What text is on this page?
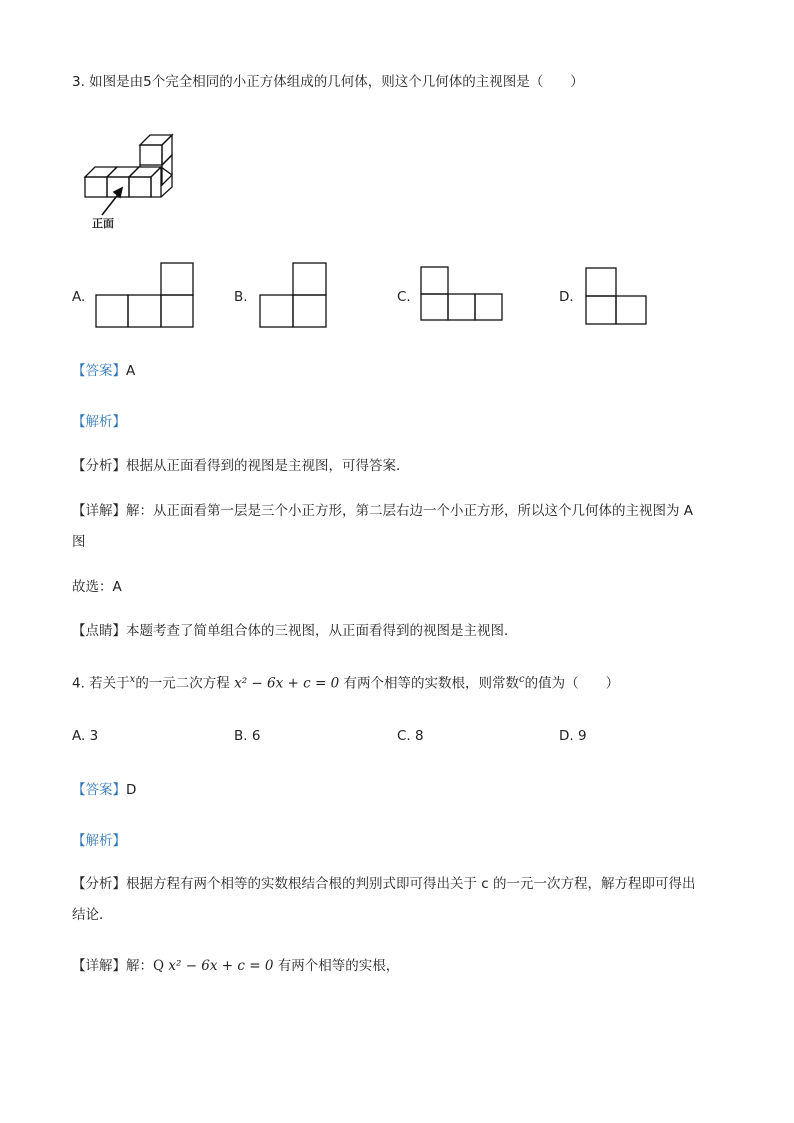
3. 如图是由5个完全相同的小正方体组成的几何体，则这个几何体的主视图是（　　）
正面
A.	B.	C.	D.
【答案】A
【解析】
【分析】根据从正面看得到的视图是主视图，可得答案．
【详解】解：从正面看第一层是三个小正方形，第二层右边一个小正方形，所以这个几何体的主视图为 A
图
故选：A
【点睛】本题考查了简单组合体的三视图，从正面看得到的视图是主视图．
4. 若关于$^x$的一元二次方程 x² − 6x + c = 0 有两个相等的实数根，则常数$^c$的值为（　　）
A. 3	B. 6	C. 8	D. 9
【答案】D
【解析】
【分析】根据方程有两个相等的实数根结合根的判别式即可得出关于 c 的一元一次方程，解方程即可得出
结论．
【详解】解：Q x² − 6x + c = 0 有两个相等的实根，
